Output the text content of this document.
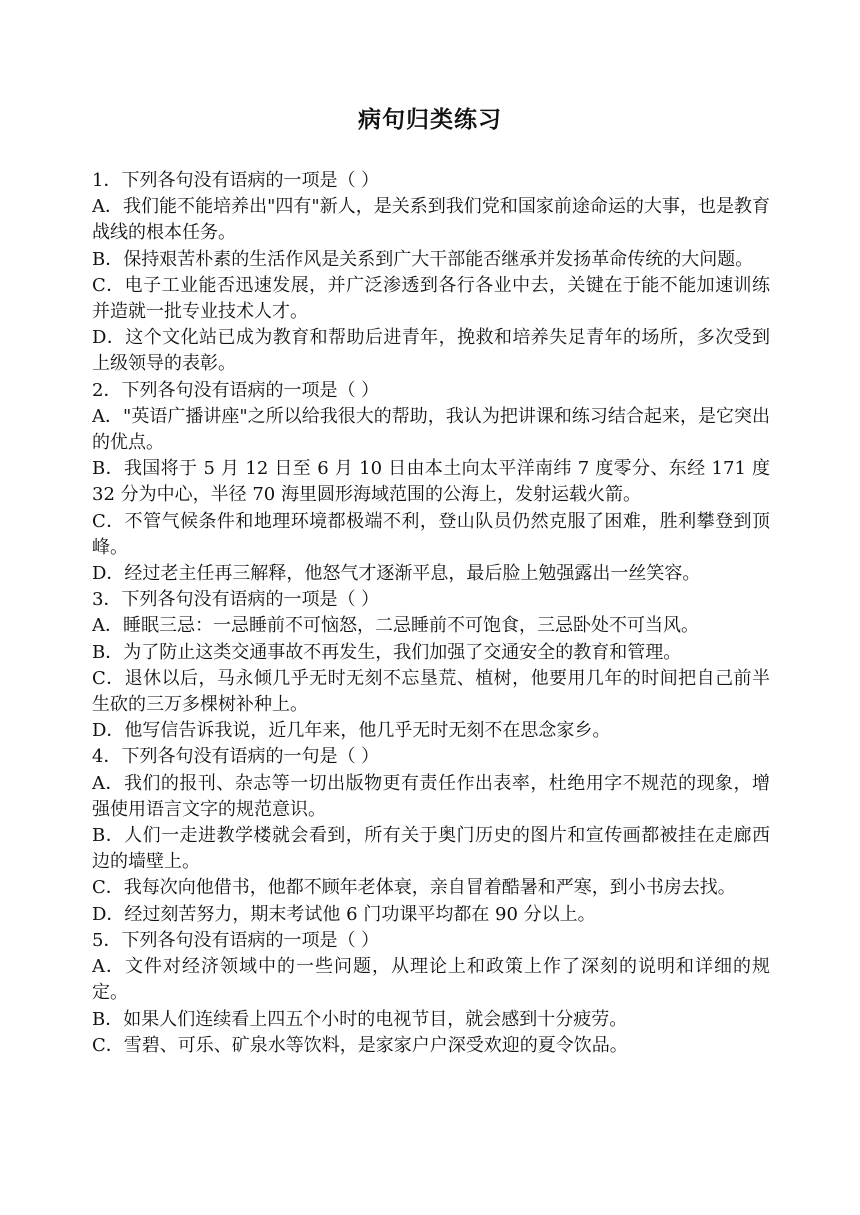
病句归类练习

1．下列各句没有语病的一项是（ ）

A．我们能不能培养出"四有"新人，是关系到我们党和国家前途命运的大事，也是教育战线的根本任务。

B．保持艰苦朴素的生活作风是关系到广大干部能否继承并发扬革命传统的大问题。

C．电子工业能否迅速发展，并广泛渗透到各行各业中去，关键在于能不能加速训练并造就一批专业技术人才。

D．这个文化站已成为教育和帮助后进青年，挽救和培养失足青年的场所，多次受到上级领导的表彰。

2．下列各句没有语病的一项是（ ）

A．"英语广播讲座"之所以给我很大的帮助，我认为把讲课和练习结合起来，是它突出的优点。

B．我国将于 5 月 12 日至 6 月 10 日由本土向太平洋南纬 7 度零分、东经 171 度 32 分为中心，半径 70 海里圆形海域范围的公海上，发射运载火箭。

C．不管气候条件和地理环境都极端不利，登山队员仍然克服了困难，胜利攀登到顶峰。

D．经过老主任再三解释，他怒气才逐渐平息，最后脸上勉强露出一丝笑容。

3．下列各句没有语病的一项是（ ）

A．睡眠三忌：一忌睡前不可恼怒，二忌睡前不可饱食，三忌卧处不可当风。

B．为了防止这类交通事故不再发生，我们加强了交通安全的教育和管理。

C．退休以后，马永倾几乎无时无刻不忘垦荒、植树，他要用几年的时间把自己前半生砍的三万多棵树补种上。

D．他写信告诉我说，近几年来，他几乎无时无刻不在思念家乡。

4．下列各句没有语病的一句是（ ）

A．我们的报刊、杂志等一切出版物更有责任作出表率，杜绝用字不规范的现象，增强使用语言文字的规范意识。

B．人们一走进教学楼就会看到，所有关于奥门历史的图片和宣传画都被挂在走廊西边的墙壁上。

C．我每次向他借书，他都不顾年老体衰，亲自冒着酷暑和严寒，到小书房去找。

D．经过刻苦努力，期末考试他 6 门功课平均都在 90 分以上。

5．下列各句没有语病的一项是（ ）

A．文件对经济领域中的一些问题，从理论上和政策上作了深刻的说明和详细的规定。

B．如果人们连续看上四五个小时的电视节目，就会感到十分疲劳。

C．雪碧、可乐、矿泉水等饮料，是家家户户深受欢迎的夏令饮品。
